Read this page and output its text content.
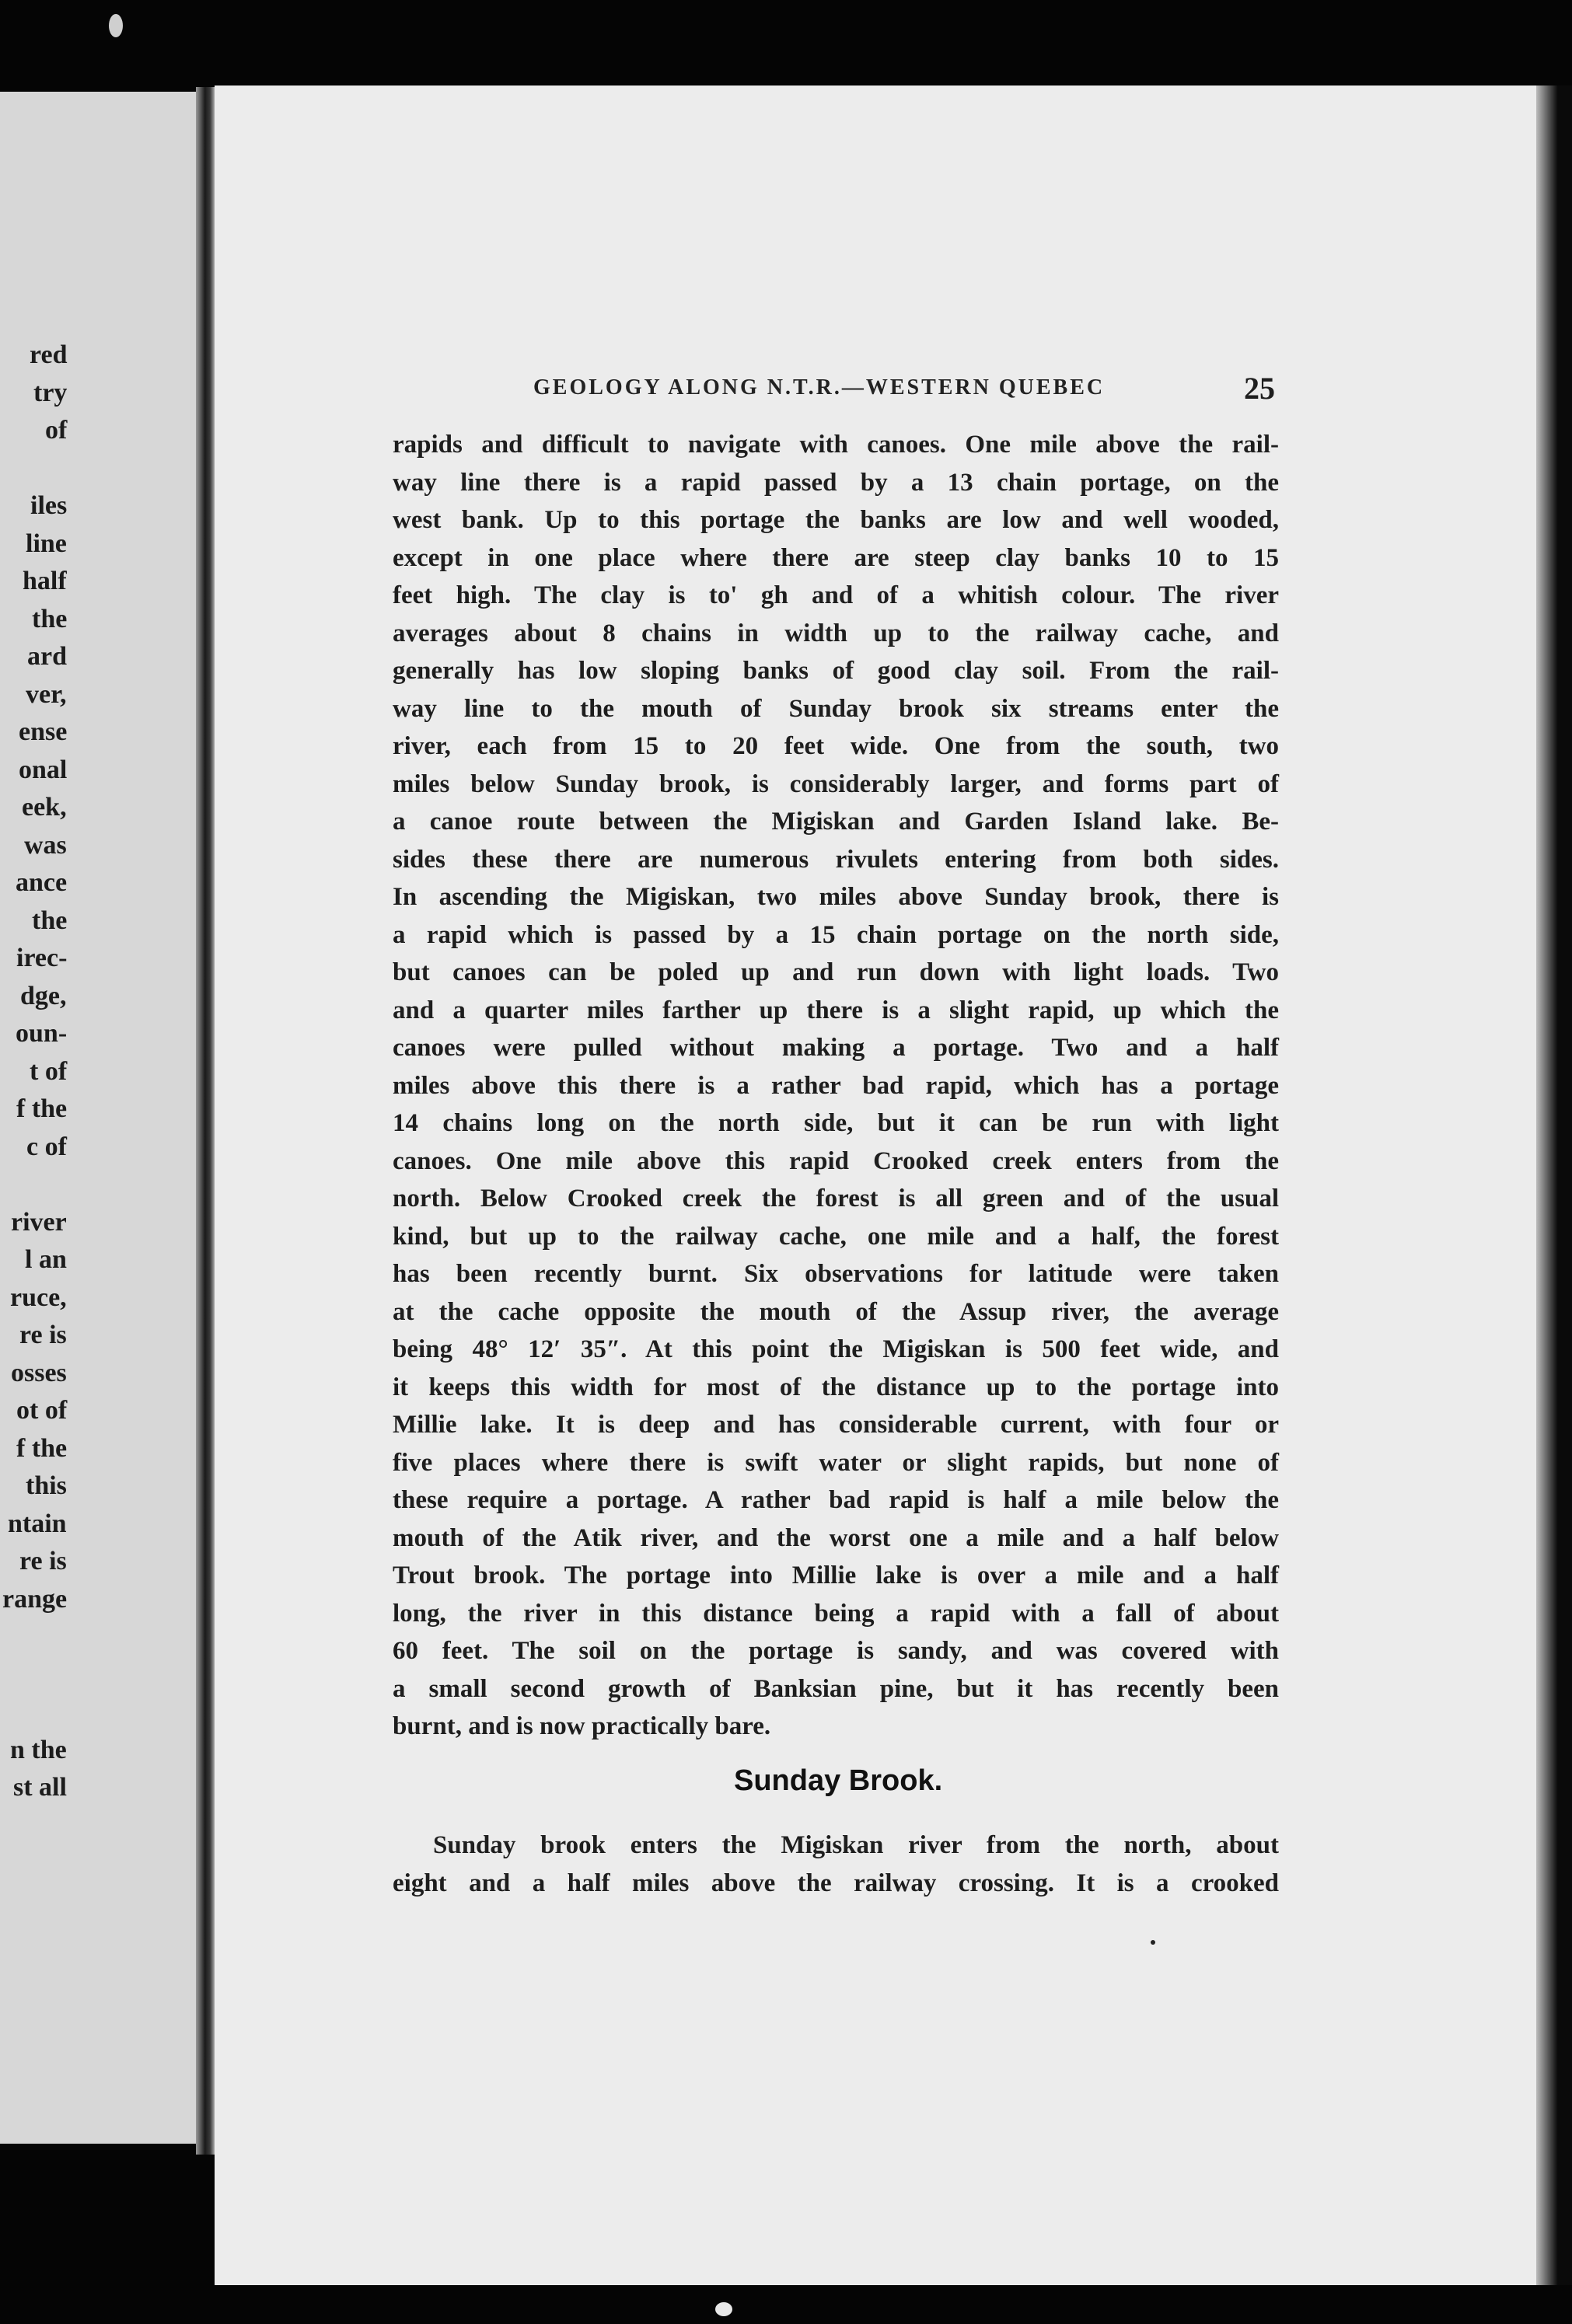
red
try
of
iles
line
half
the
ard
ver,
ense
onal
eek,
was
ance
the
irec-
dge,
oun-
t of
f the
c of
river
l an
ruce,
re is
osses
ot of
f the
this
ntain
re is
range
n the
st all
GEOLOGY ALONG N.T.R.—WESTERN QUEBEC	25
rapids and difficult to navigate with canoes. One mile above the rail-
way line there is a rapid passed by a 13 chain portage, on the
west bank. Up to this portage the banks are low and well wooded,
except in one place where there are steep clay banks 10 to 15
feet high. The clay is to' gh and of a whitish colour. The river
averages about 8 chains in width up to the railway cache, and
generally has low sloping banks of good clay soil. From the rail-
way line to the mouth of Sunday brook six streams enter the
river, each from 15 to 20 feet wide. One from the south, two
miles below Sunday brook, is considerably larger, and forms part of
a canoe route between the Migiskan and Garden Island lake. Be-
sides these there are numerous rivulets entering from both sides.
In ascending the Migiskan, two miles above Sunday brook, there is
a rapid which is passed by a 15 chain portage on the north side,
but canoes can be poled up and run down with light loads. Two
and a quarter miles farther up there is a slight rapid, up which the
canoes were pulled without making a portage. Two and a half
miles above this there is a rather bad rapid, which has a portage
14 chains long on the north side, but it can be run with light
canoes. One mile above this rapid Crooked creek enters from the
north. Below Crooked creek the forest is all green and of the usual
kind, but up to the railway cache, one mile and a half, the forest
has been recently burnt. Six observations for latitude were taken
at the cache opposite the mouth of the Assup river, the average
being 48° 12′ 35″. At this point the Migiskan is 500 feet wide, and
it keeps this width for most of the distance up to the portage into
Millie lake. It is deep and has considerable current, with four or
five places where there is swift water or slight rapids, but none of
these require a portage. A rather bad rapid is half a mile below the
mouth of the Atik river, and the worst one a mile and a half below
Trout brook. The portage into Millie lake is over a mile and a half
long, the river in this distance being a rapid with a fall of about
60 feet. The soil on the portage is sandy, and was covered with
a small second growth of Banksian pine, but it has recently been
burnt, and is now practically bare.
Sunday Brook.
Sunday brook enters the Migiskan river from the north, about
eight and a half miles above the railway crossing. It is a crooked
